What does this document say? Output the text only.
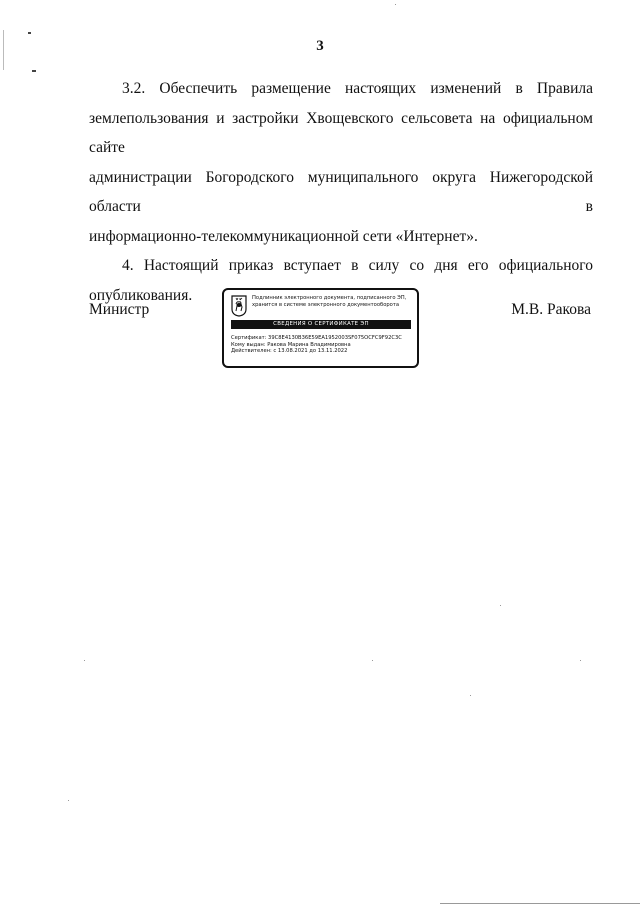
3

3.2. Обеспечить размещение настоящих изменений в Правила

землепользования и застройки Хвощевского сельсовета на официальном сайте

администрации Богородского муниципального округа Нижегородской области в

информационно-телекоммуникационной сети «Интернет».

4. Настоящий приказ вступает в силу со дня его официального

опубликования.

Министр	М.В. Ракова
Подлинник электронного документа, подписанного ЭП,
хранится в системе электронного документооборота
СВЕДЕНИЯ О СЕРТИФИКАТЕ ЭП
Сертификат: 39C8E4130B36E59EA1952003SF075OCFC9F92C3C
Кому выдан: Ракова Марина Владимировна
Действителен: с 13.08.2021 до 13.11.2022
